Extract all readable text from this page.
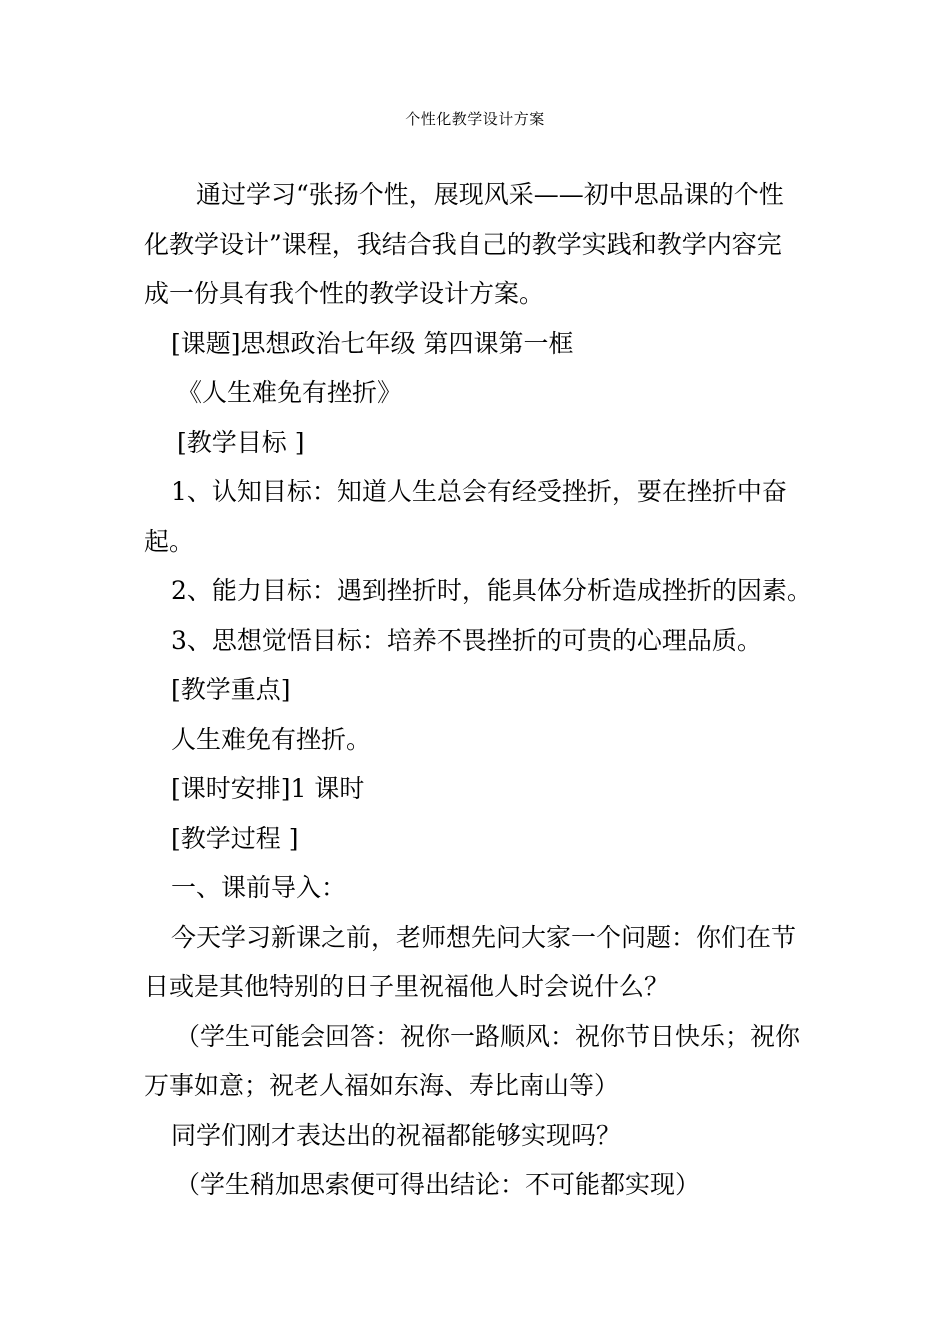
个性化教学设计方案

通过学习“张扬个性，展现风采——初中思品课的个性

化教学设计”课程，我结合我自己的教学实践和教学内容完

成一份具有我个性的教学设计方案。

[课题]思想政治七年级 第四课第一框

《人生难免有挫折》

[教学目标 ]

1、认知目标：知道人生总会有经受挫折，要在挫折中奋

起。

2、能力目标：遇到挫折时，能具体分析造成挫折的因素。

3、思想觉悟目标：培养不畏挫折的可贵的心理品质。

[教学重点]

人生难免有挫折。

[课时安排]1 课时

[教学过程 ]

一、课前导入：

今天学习新课之前，老师想先问大家一个问题：你们在节

日或是其他特别的日子里祝福他人时会说什么？

（学生可能会回答：祝你一路顺风：祝你节日快乐；祝你

万事如意；祝老人福如东海、寿比南山等）

同学们刚才表达出的祝福都能够实现吗？

（学生稍加思索便可得出结论：不可能都实现）
